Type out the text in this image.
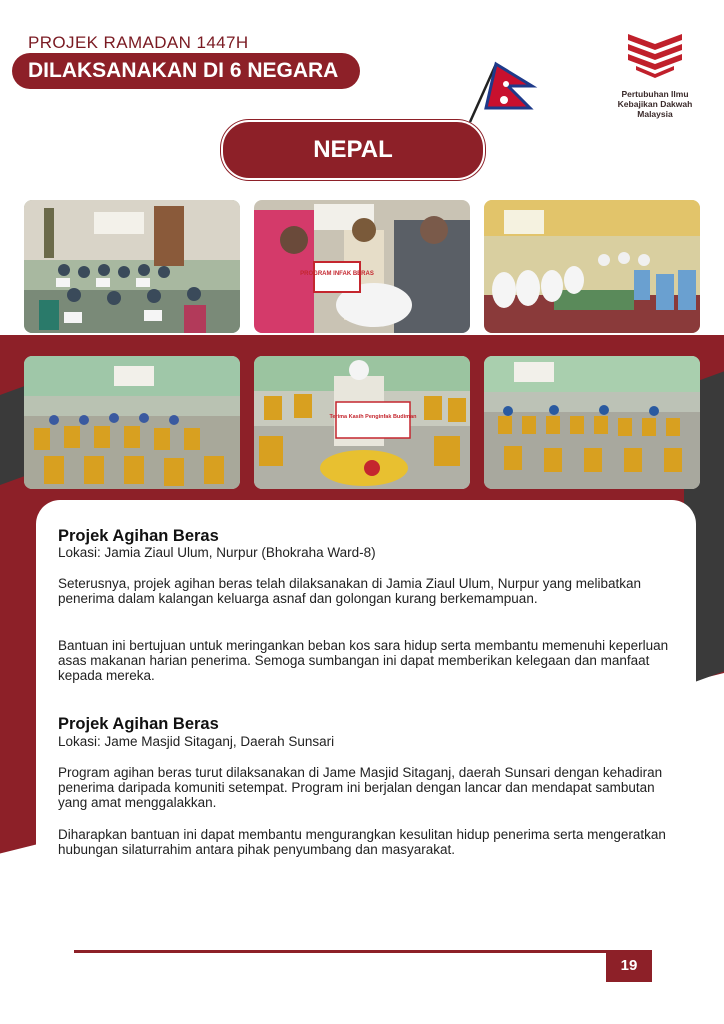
PROJEK RAMADAN 1447H
DILAKSANAKAN DI 6 NEGARA
Pertubuhan Ilmu Kebajikan Dakwah Malaysia
NEPAL
PROGRAM INFAK BERAS
Terima Kasih Penginfak Budiman
Projek Agihan Beras
Lokasi: Jamia Ziaul Ulum, Nurpur (Bhokraha Ward-8)

Seterusnya, projek agihan beras telah dilaksanakan di Jamia Ziaul Ulum, Nurpur yang melibatkan penerima dalam kalangan keluarga asnaf dan golongan kurang berkemampuan.

Bantuan ini bertujuan untuk meringankan beban kos sara hidup serta membantu memenuhi keperluan asas makanan harian penerima. Semoga sumbangan ini dapat memberikan kelegaan dan manfaat kepada mereka.

Projek Agihan Beras
Lokasi: Jame Masjid Sitaganj, Daerah Sunsari

Program agihan beras turut dilaksanakan di Jame Masjid Sitaganj, daerah Sunsari dengan kehadiran penerima daripada komuniti setempat. Program ini berjalan dengan lancar dan mendapat sambutan yang amat menggalakkan.

Diharapkan bantuan ini dapat membantu mengurangkan kesulitan hidup penerima serta mengeratkan hubungan silaturrahim antara pihak penyumbang dan masyarakat.

19
